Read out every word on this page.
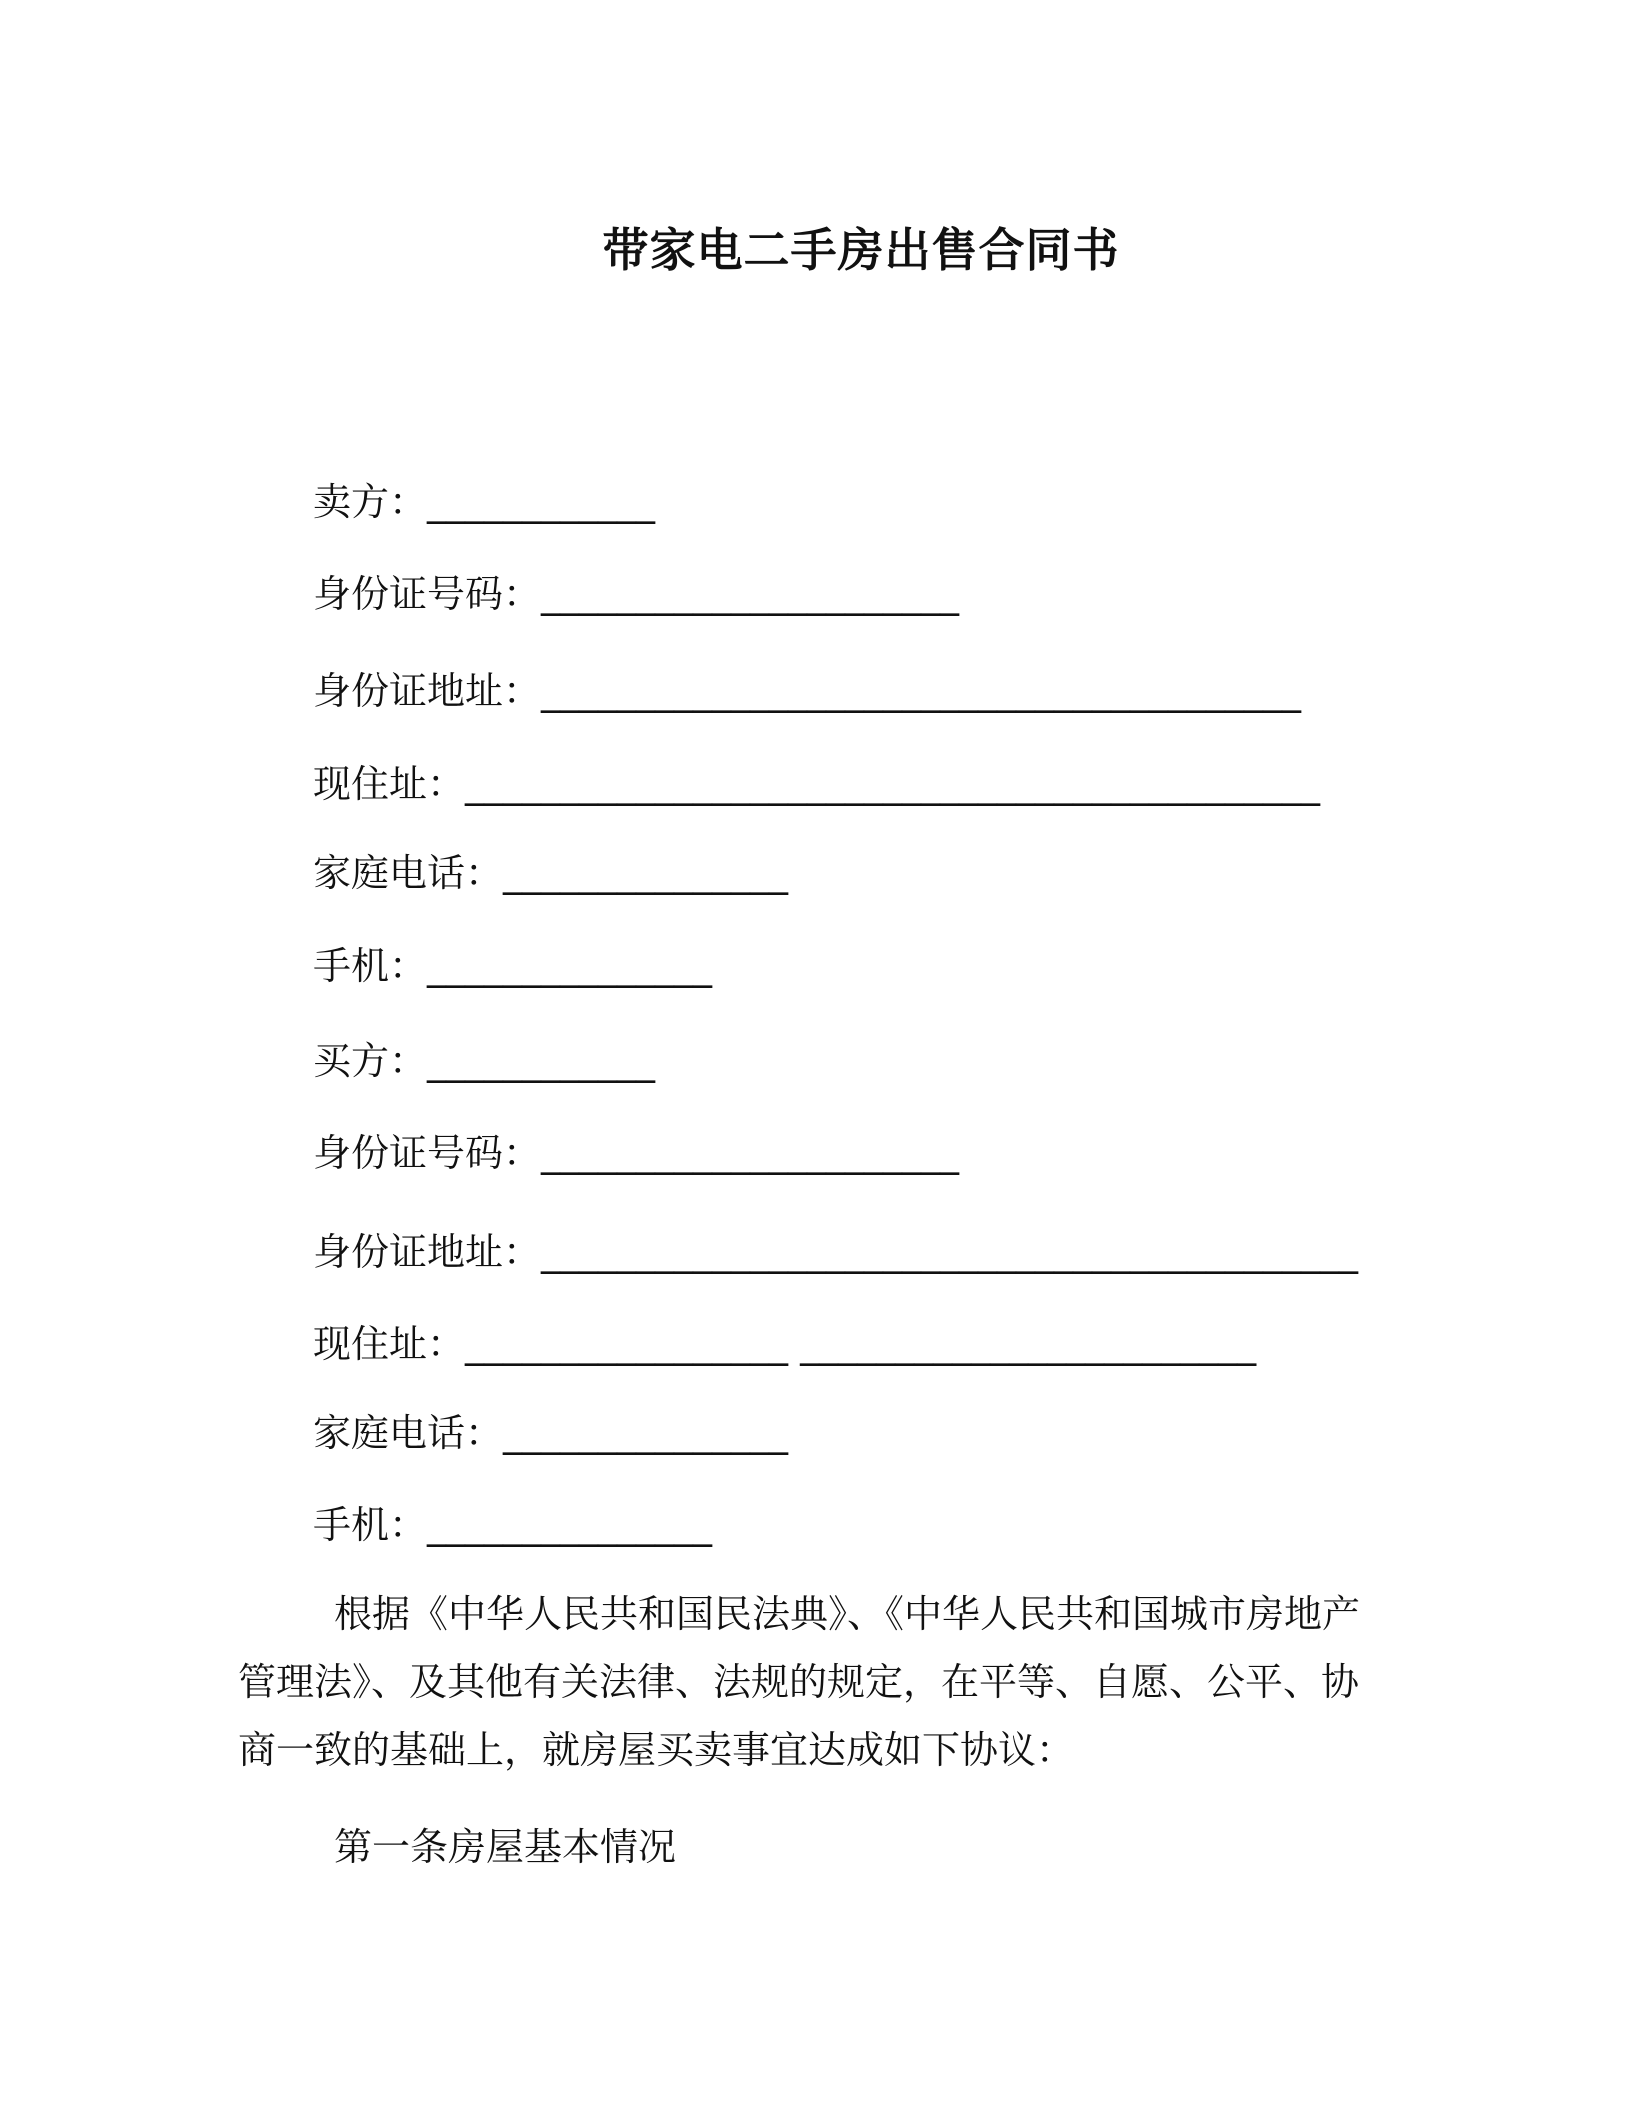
带家电二手房出售合同书
卖方：____________
身份证号码：______________________
身份证地址：________________________________________
现住址：_____________________________________________
家庭电话：_______________
手机：_______________
买方：____________
身份证号码：______________________
身份证地址：___________________________________________
现住址：_________________ ________________________
家庭电话：_______________
手机：_______________
根据《中华人民共和国民法典》、《中华人民共和国城市房地产
管理法》、及其他有关法律、法规的规定，在平等、自愿、公平、协
商一致的基础上，就房屋买卖事宜达成如下协议：
第一条房屋基本情况
